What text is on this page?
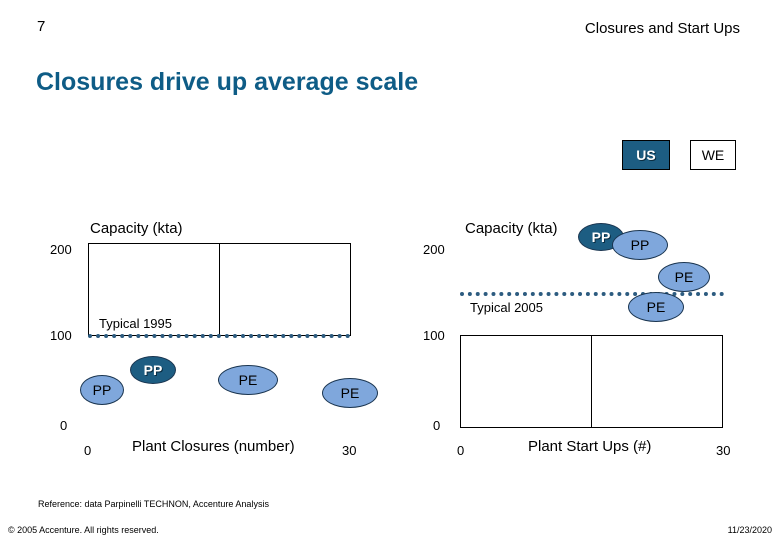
7	Closures and Start Ups
Closures drive up average scale
US	WE
Capacity (kta)
200
100
0
Typical 1995
PP
PP
PE
PE
0	30
Plant Closures (number)
Capacity (kta)
200
100
0
Typical 2005
PP	PP
PE
PE
0	30
Plant Start Ups (#)
Reference: data Parpinelli TECHNON, Accenture Analysis
© 2005 Accenture. All rights reserved.	11/23/2020
